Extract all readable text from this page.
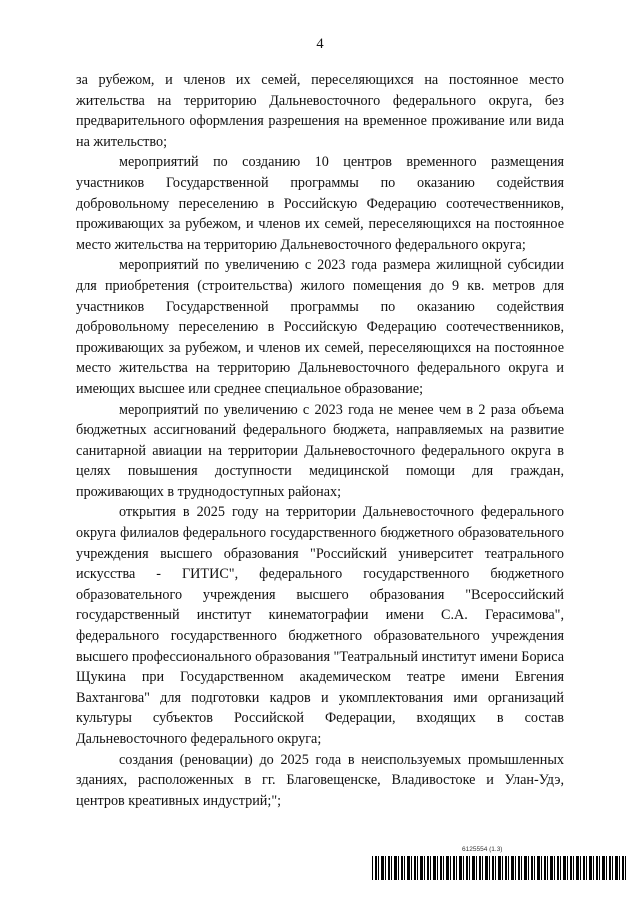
4

за рубежом, и членов их семей, переселяющихся на постоянное место жительства на территорию Дальневосточного федерального округа, без предварительного оформления разрешения на временное проживание или вида на жительство;

мероприятий по созданию 10 центров временного размещения участников Государственной программы по оказанию содействия добровольному переселению в Российскую Федерацию соотечественников, проживающих за рубежом, и членов их семей, переселяющихся на постоянное место жительства на территорию Дальневосточного федерального округа;

мероприятий по увеличению с 2023 года размера жилищной субсидии для приобретения (строительства) жилого помещения до 9 кв. метров для участников Государственной программы по оказанию содействия добровольному переселению в Российскую Федерацию соотечественников, проживающих за рубежом, и членов их семей, переселяющихся на постоянное место жительства на территорию Дальневосточного федерального округа и имеющих высшее или среднее специальное образование;

мероприятий по увеличению с 2023 года не менее чем в 2 раза объема бюджетных ассигнований федерального бюджета, направляемых на развитие санитарной авиации на территории Дальневосточного федерального округа в целях повышения доступности медицинской помощи для граждан, проживающих в труднодоступных районах;

открытия в 2025 году на территории Дальневосточного федерального округа филиалов федерального государственного бюджетного образовательного учреждения высшего образования "Российский университет театрального искусства - ГИТИС", федерального государственного бюджетного образовательного учреждения высшего образования "Всероссийский государственный институт кинематографии имени С.А. Герасимова", федерального государственного бюджетного образовательного учреждения высшего профессионального образования "Театральный институт имени Бориса Щукина при Государственном академическом театре имени Евгения Вахтангова" для подготовки кадров и укомплектования ими организаций культуры субъектов Российской Федерации, входящих в состав Дальневосточного федерального округа;

создания (реновации) до 2025 года в неиспользуемых промышленных зданиях, расположенных в гг. Благовещенске, Владивостоке и Улан-Удэ, центров креативных индустрий;";

6125554 (1.3)
